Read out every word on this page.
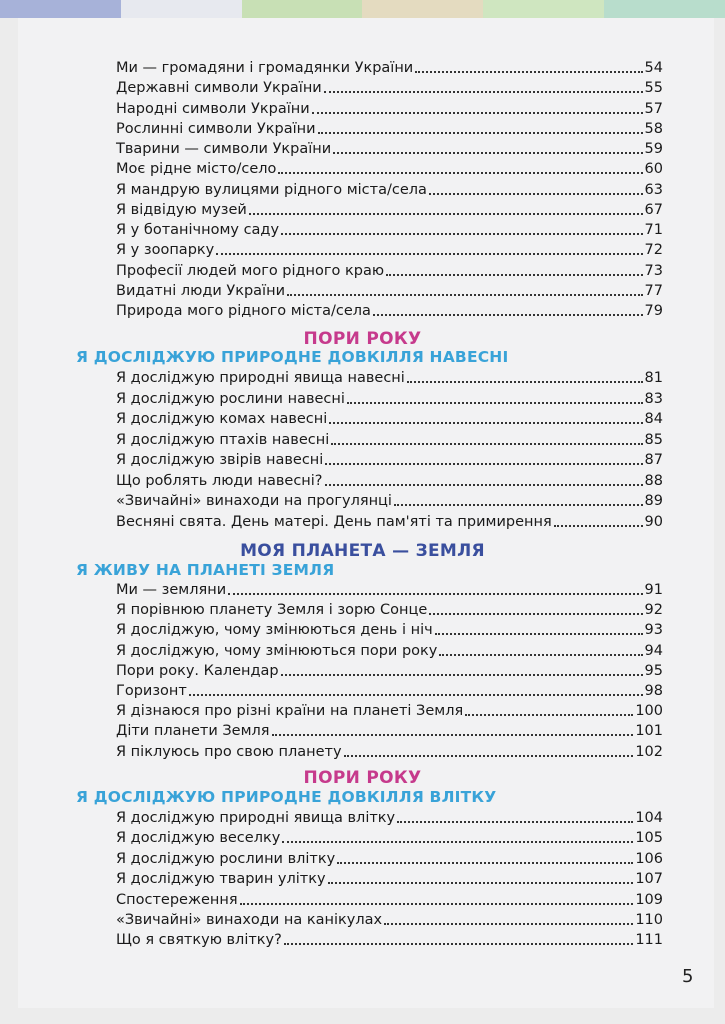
ПОРИ РОКУ
Я ДОСЛІДЖУЮ ПРИРОДНЕ ДОВКІЛЛЯ НАВЕСНІ
МОЯ ПЛАНЕТА — ЗЕМЛЯ
Я ЖИВУ НА ПЛАНЕТІ ЗЕМЛЯ
ПОРИ РОКУ
Я ДОСЛІДЖУЮ ПРИРОДНЕ ДОВКІЛЛЯ ВЛІТКУ
Ми — громадяни і громадянки України	54
Державні символи України	55
Народні символи України	57
Рослинні символи України	58
Тварини — символи України	59
Моє рідне місто/село	60
Я мандрую вулицями рідного міста/села	63
Я відвідую музей	67
Я у ботанічному саду	71
Я у зоопарку	72
Професії людей мого рідного краю	73
Видатні люди України	77
Природа мого рідного міста/села	79
Я досліджую природні явища навесні	81
Я досліджую рослини навесні	83
Я досліджую комах навесні	84
Я досліджую птахів навесні	85
Я досліджую звірів навесні	87
Що роблять люди навесні?	88
«Звичайні» винаходи на прогулянці	89
Весняні свята. День матері. День пам'яті та примирення	90
Ми — земляни	91
Я порівнюю планету Земля і зорю Сонце	92
Я досліджую, чому змінюються день і ніч	93
Я досліджую, чому змінюються пори року	94
Пори року. Календар	95
Горизонт	98
Я дізнаюся про різні країни на планеті Земля	100
Діти планети Земля	101
Я піклуюсь про свою планету	102
Я досліджую природні явища влітку	104
Я досліджую веселку	105
Я досліджую рослини влітку	106
Я досліджую тварин улітку	107
Спостереження	109
«Звичайні» винаходи на канікулах	110
Що я святкую влітку?	111
5
